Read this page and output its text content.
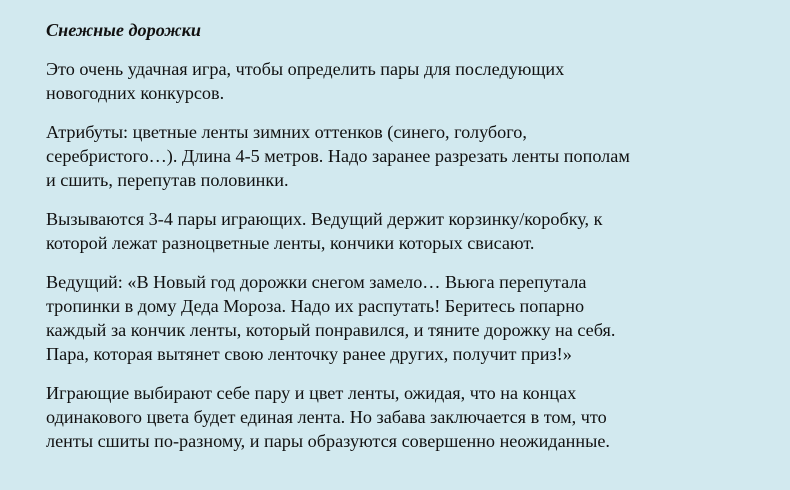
Снежные дорожки
Это очень удачная игра, чтобы определить пары для последующих
новогодних конкурсов.
Атрибуты: цветные ленты зимних оттенков (синего, голубого,
серебристого…). Длина 4-5 метров. Надо заранее разрезать ленты пополам
и сшить, перепутав половинки.
Вызываются 3-4 пары играющих. Ведущий держит корзинку/коробку, к
которой лежат разноцветные ленты, кончики которых свисают.
Ведущий: «В Новый год дорожки снегом замело… Вьюга перепутала
тропинки в дому Деда Мороза. Надо их распутать! Беритесь попарно
каждый за кончик ленты, который понравился, и тяните дорожку на себя.
Пара, которая вытянет свою ленточку ранее других, получит приз!»
Играющие выбирают себе пару и цвет ленты, ожидая, что на концах
одинакового цвета будет единая лента. Но забава заключается в том, что
ленты сшиты по-разному, и пары образуются совершенно неожиданные.
